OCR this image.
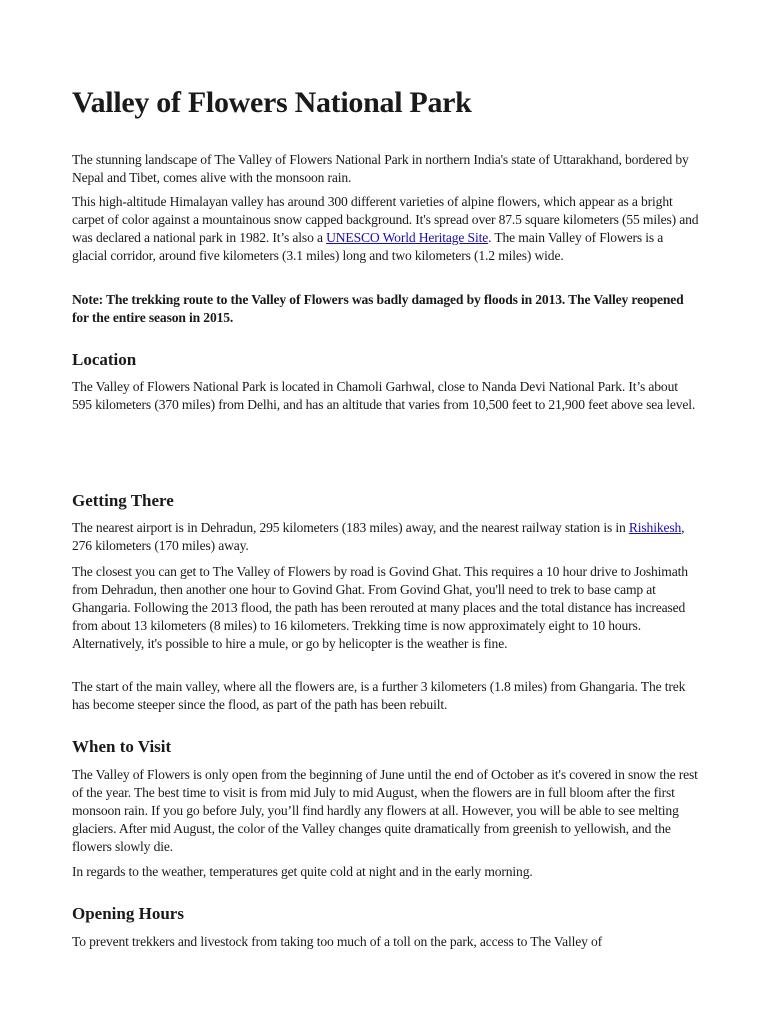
Valley of Flowers National Park

The stunning landscape of The Valley of Flowers National Park in northern India's state of Uttarakhand, bordered by Nepal and Tibet, comes alive with the monsoon rain.

This high-altitude Himalayan valley has around 300 different varieties of alpine flowers, which appear as a bright carpet of color against a mountainous snow capped background. It's spread over 87.5 square kilometers (55 miles) and was declared a national park in 1982. It’s also a UNESCO World Heritage Site. The main Valley of Flowers is a glacial corridor, around five kilometers (3.1 miles) long and two kilometers (1.2 miles) wide.

Note: The trekking route to the Valley of Flowers was badly damaged by floods in 2013. The Valley reopened for the entire season in 2015.

Location

The Valley of Flowers National Park is located in Chamoli Garhwal, close to Nanda Devi National Park. It’s about 595 kilometers (370 miles) from Delhi, and has an altitude that varies from 10,500 feet to 21,900 feet above sea level.

Getting There

The nearest airport is in Dehradun, 295 kilometers (183 miles) away, and the nearest railway station is in Rishikesh, 276 kilometers (170 miles) away.

The closest you can get to The Valley of Flowers by road is Govind Ghat. This requires a 10 hour drive to Joshimath from Dehradun, then another one hour to Govind Ghat. From Govind Ghat, you'll need to trek to base camp at Ghangaria. Following the 2013 flood, the path has been rerouted at many places and the total distance has increased from about 13 kilometers (8 miles) to 16 kilometers. Trekking time is now approximately eight to 10 hours. Alternatively, it's possible to hire a mule, or go by helicopter is the weather is fine.

The start of the main valley, where all the flowers are, is a further 3 kilometers (1.8 miles) from Ghangaria. The trek has become steeper since the flood, as part of the path has been rebuilt.

When to Visit

The Valley of Flowers is only open from the beginning of June until the end of October as it's covered in snow the rest of the year. The best time to visit is from mid July to mid August, when the flowers are in full bloom after the first monsoon rain. If you go before July, you’ll find hardly any flowers at all. However, you will be able to see melting glaciers. After mid August, the color of the Valley changes quite dramatically from greenish to yellowish, and the flowers slowly die.

In regards to the weather, temperatures get quite cold at night and in the early morning.

Opening Hours

To prevent trekkers and livestock from taking too much of a toll on the park, access to The Valley of
